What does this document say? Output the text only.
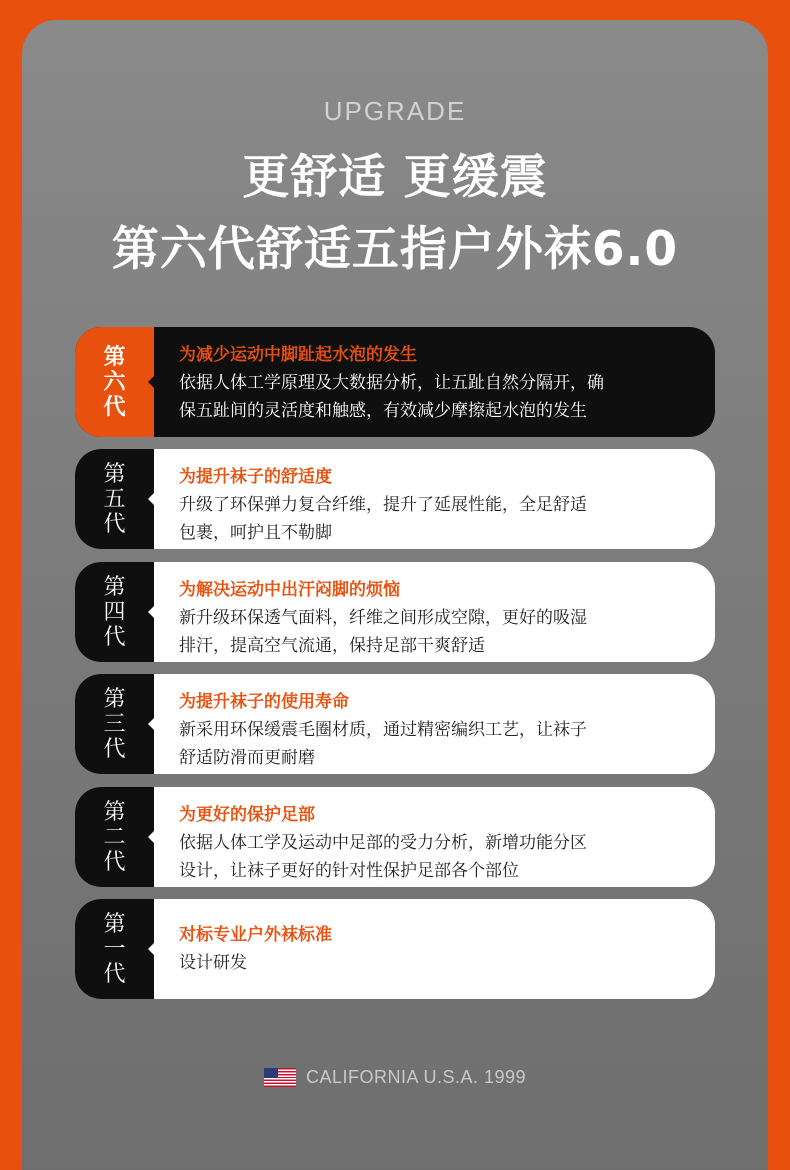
UPGRADE
更舒适 更缓震
第六代舒适五指户外袜6.0
第
六
代
为减少运动中脚趾起水泡的发生
依据人体工学原理及大数据分析，让五趾自然分隔开，确
保五趾间的灵活度和触感，有效减少摩擦起水泡的发生
第
五
代
为提升袜子的舒适度
升级了环保弹力复合纤维，提升了延展性能，全足舒适
包裹，呵护且不勒脚
第
四
代
为解决运动中出汗闷脚的烦恼
新升级环保透气面料，纤维之间形成空隙，更好的吸湿
排汗，提高空气流通，保持足部干爽舒适
第
三
代
为提升袜子的使用寿命
新采用环保缓震毛圈材质，通过精密编织工艺，让袜子
舒适防滑而更耐磨
第
二
代
为更好的保护足部
依据人体工学及运动中足部的受力分析，新增功能分区
设计，让袜子更好的针对性保护足部各个部位
第
一
代
对标专业户外袜标准
设计研发
CALIFORNIA U.S.A. 1999
